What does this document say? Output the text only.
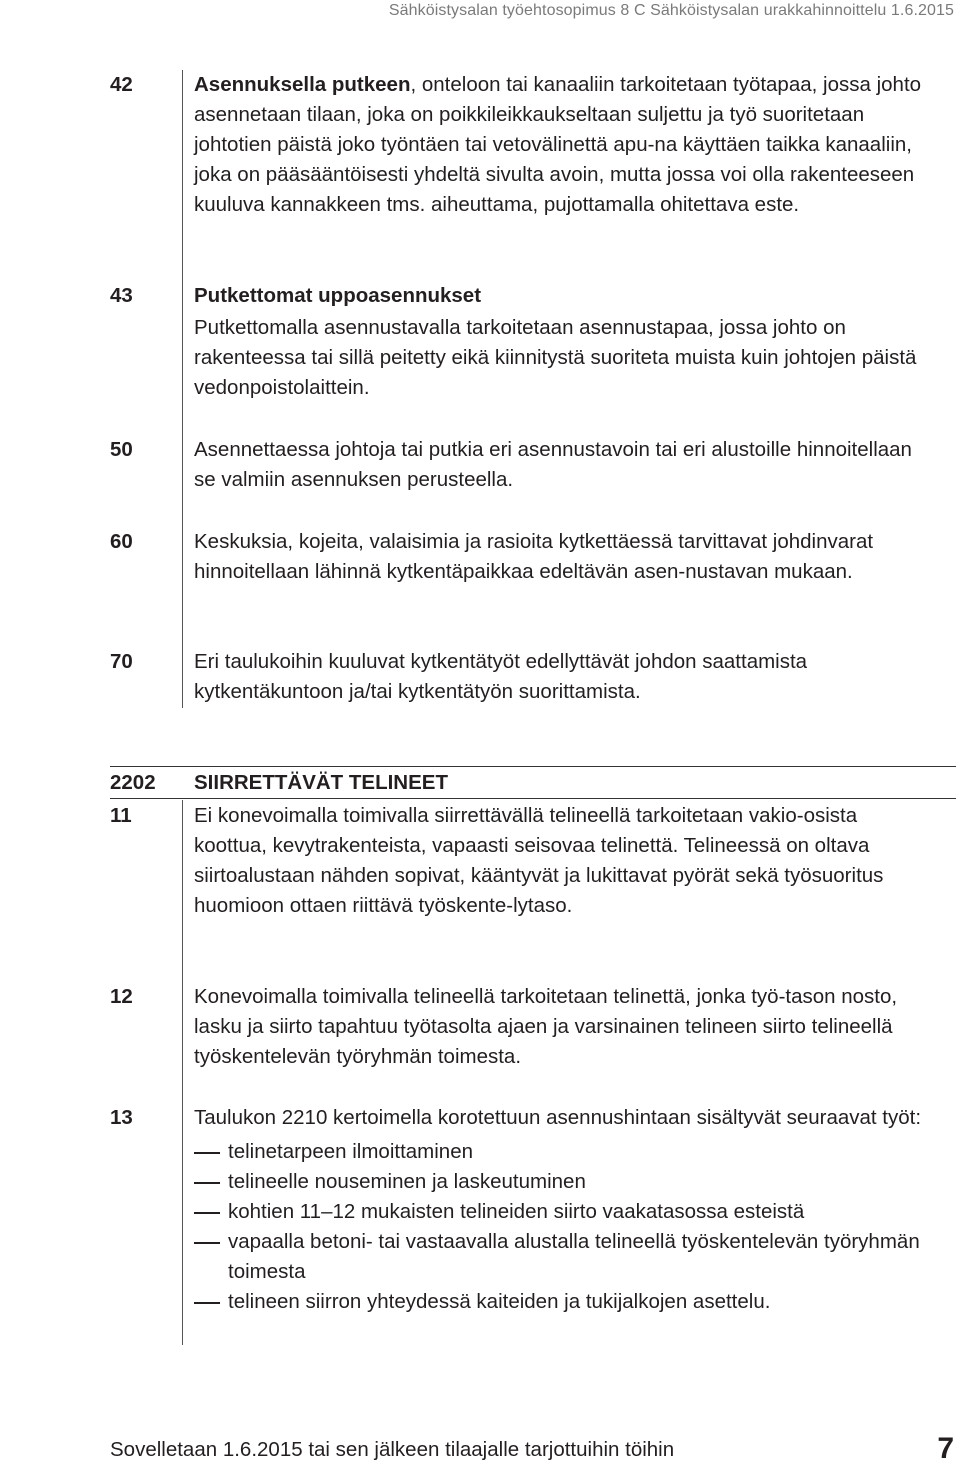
Sähköistysalan työehtosopimus 8 C Sähköistysalan urakkahinnoittelu 1.6.2015
42	Asennuksella putkeen, onteloon tai kanaaliin tarkoitetaan työtapaa, jossa johto asennetaan tilaan, joka on poikkileikkaukseltaan suljettu ja työ suoritetaan johtotien päistä joko työntäen tai vetovälinettä apu-na käyttäen taikka kanaaliin, joka on pääsääntöisesti yhdeltä sivulta avoin, mutta jossa voi olla rakenteeseen kuuluva kannakkeen tms. aiheuttama, pujottamalla ohitettava este.
43	Putkettomat uppoasennukset
Putkettomalla asennustavalla tarkoitetaan asennustapaa, jossa johto on rakenteessa tai sillä peitetty eikä kiinnitystä suoriteta muista kuin johtojen päistä vedonpoistolaittein.
50	Asennettaessa johtoja tai putkia eri asennustavoin tai eri alustoille hinnoitellaan se valmiin asennuksen perusteella.
60	Keskuksia, kojeita, valaisimia ja rasioita kytkettäessä tarvittavat johdinvarat hinnoitellaan lähinnä kytkentäpaikkaa edeltävän asen-nustavan mukaan.
70	Eri taulukoihin kuuluvat kytkentätyöt edellyttävät johdon saattamista kytkentäkuntoon ja/tai kytkentätyön suorittamista.
2202	SIIRRETTÄVÄT TELINEET
11	Ei konevoimalla toimivalla siirrettävällä telineellä tarkoitetaan vakio-osista koottua, kevytrakenteista, vapaasti seisovaa telinettä. Telineessä on oltava siirtoalustaan nähden sopivat, kääntyvät ja lukittavat pyörät sekä työsuoritus huomioon ottaen riittävä työskente-lytaso.
12	Konevoimalla toimivalla telineellä tarkoitetaan telinettä, jonka työ-tason nosto, lasku ja siirto tapahtuu työtasolta ajaen ja varsinainen telineen siirto telineellä työskentelevän työryhmän toimesta.
13	Taulukon 2210 kertoimella korotettuun asennushintaan sisältyvät seuraavat työt:
telinetarpeen ilmoittaminen
telineelle nouseminen ja laskeutuminen
kohtien 11–12 mukaisten telineiden siirto vaakatasossa esteistä
vapaalla betoni- tai vastaavalla alustalla telineellä työskentelevän työryhmän toimesta
telineen siirron yhteydessä kaiteiden ja tukijalkojen asettelu.
Sovelletaan 1.6.2015 tai sen jälkeen tilaajalle tarjottuihin töihin	7
